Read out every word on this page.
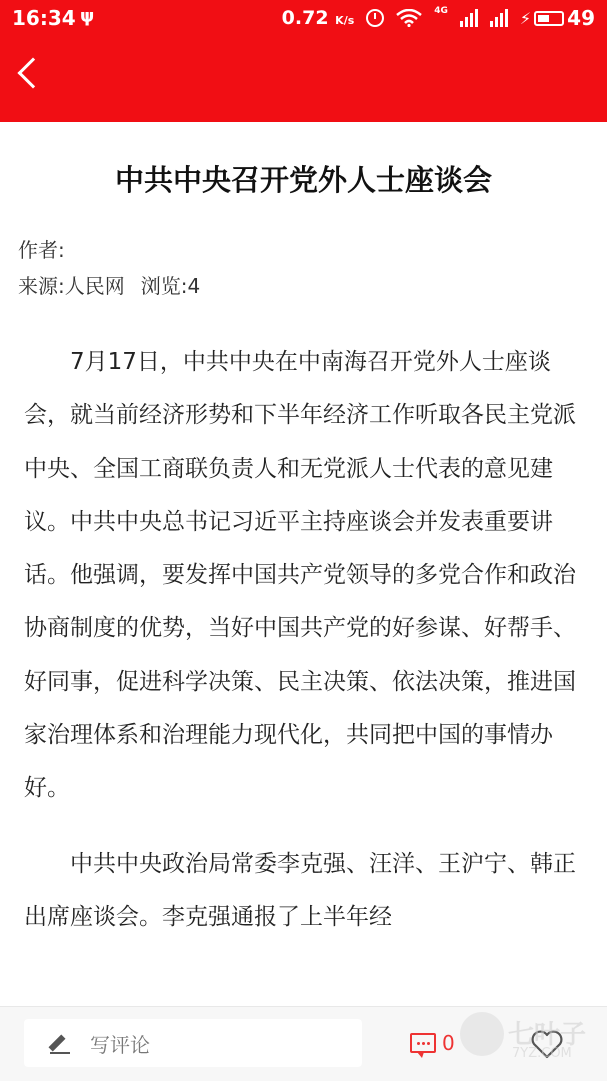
16:34 ψ	0.72 K/s
4G	⚡ 49
中共中央召开党外人士座谈会
作者:
来源:人民网 浏览:4

7月17日，中共中央在中南海召开党外人士座谈会，就当前经济形势和下半年经济工作听取各民主党派中央、全国工商联负责人和无党派人士代表的意见建议。中共中央总书记习近平主持座谈会并发表重要讲话。他强调，要发挥中国共产党领导的多党合作和政治协商制度的优势，当好中国共产党的好参谋、好帮手、好同事，促进科学决策、民主决策、依法决策，推进国家治理体系和治理能力现代化，共同把中国的事情办好。

中共中央政治局常委李克强、汪洋、王沪宁、韩正出席座谈会。李克强通报了上半年经

写评论	0 七叶子
7YZ.COM
